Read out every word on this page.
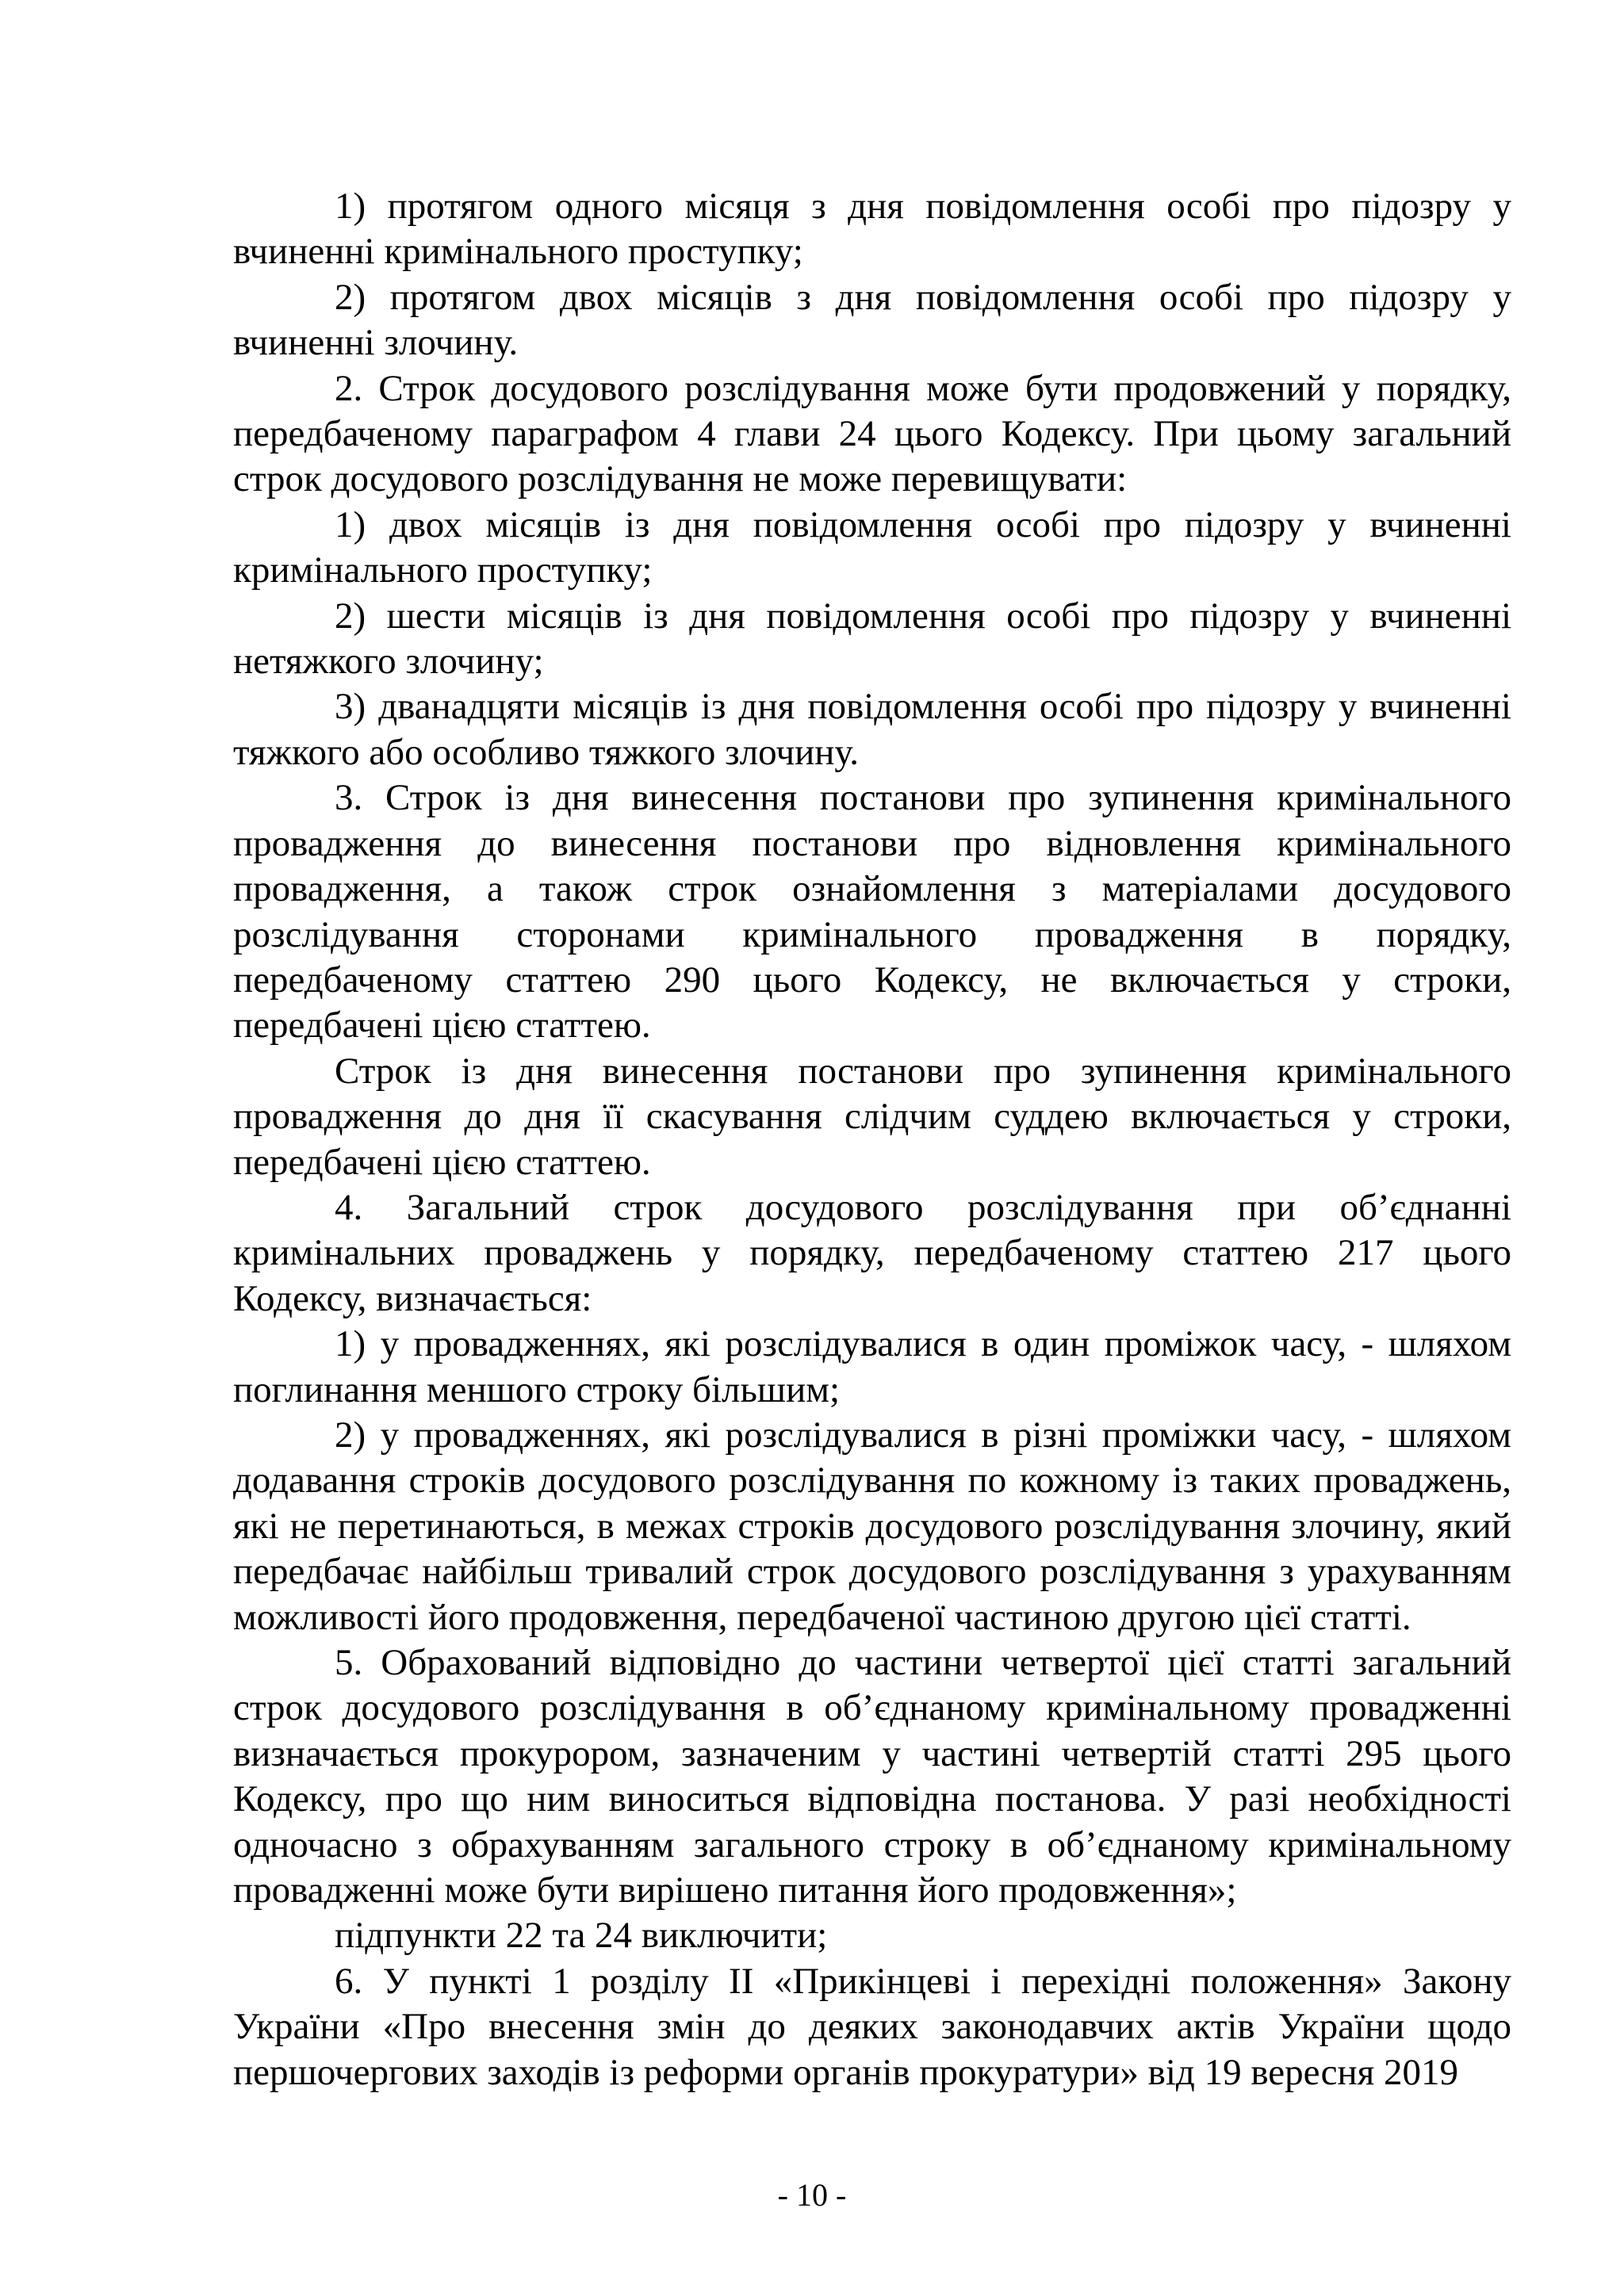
1) протягом одного місяця з дня повідомлення особі про підозру у вчиненні кримінального проступку;

2) протягом двох місяців з дня повідомлення особі про підозру у вчиненні злочину.

2. Строк досудового розслідування може бути продовжений у порядку, передбаченому параграфом 4 глави 24 цього Кодексу. При цьому загальний строк досудового розслідування не може перевищувати:

1) двох місяців із дня повідомлення особі про підозру у вчиненні кримінального проступку;

2) шести місяців із дня повідомлення особі про підозру у вчиненні нетяжкого злочину;

3) дванадцяти місяців із дня повідомлення особі про підозру у вчиненні тяжкого або особливо тяжкого злочину.

3. Строк із дня винесення постанови про зупинення кримінального провадження до винесення постанови про відновлення кримінального провадження, а також строк ознайомлення з матеріалами досудового розслідування сторонами кримінального провадження в порядку, передбаченому статтею 290 цього Кодексу, не включається у строки, передбачені цією статтею.

Строк із дня винесення постанови про зупинення кримінального провадження до дня її скасування слідчим суддею включається у строки, передбачені цією статтею.

4. Загальний строк досудового розслідування при об’єднанні кримінальних проваджень у порядку, передбаченому статтею 217 цього Кодексу, визначається:

1) у провадженнях, які розслідувалися в один проміжок часу, - шляхом поглинання меншого строку більшим;

2) у провадженнях, які розслідувалися в різні проміжки часу, - шляхом додавання строків досудового розслідування по кожному із таких проваджень, які не перетинаються, в межах строків досудового розслідування злочину, який передбачає найбільш тривалий строк досудового розслідування з урахуванням можливості його продовження, передбаченої частиною другою цієї статті.

5. Обрахований відповідно до частини четвертої цієї статті загальний строк досудового розслідування в об’єднаному кримінальному провадженні визначається прокурором, зазначеним у частині четвертій статті 295 цього Кодексу, про що ним виноситься відповідна постанова. У разі необхідності одночасно з обрахуванням загального строку в об’єднаному кримінальному провадженні може бути вирішено питання його продовження»;

підпункти 22 та 24 виключити;

6. У пункті 1 розділу ІІ «Прикінцеві і перехідні положення» Закону України «Про внесення змін до деяких законодавчих актів України щодо першочергових заходів із реформи органів прокуратури» від 19 вересня 2019

- 10 -
